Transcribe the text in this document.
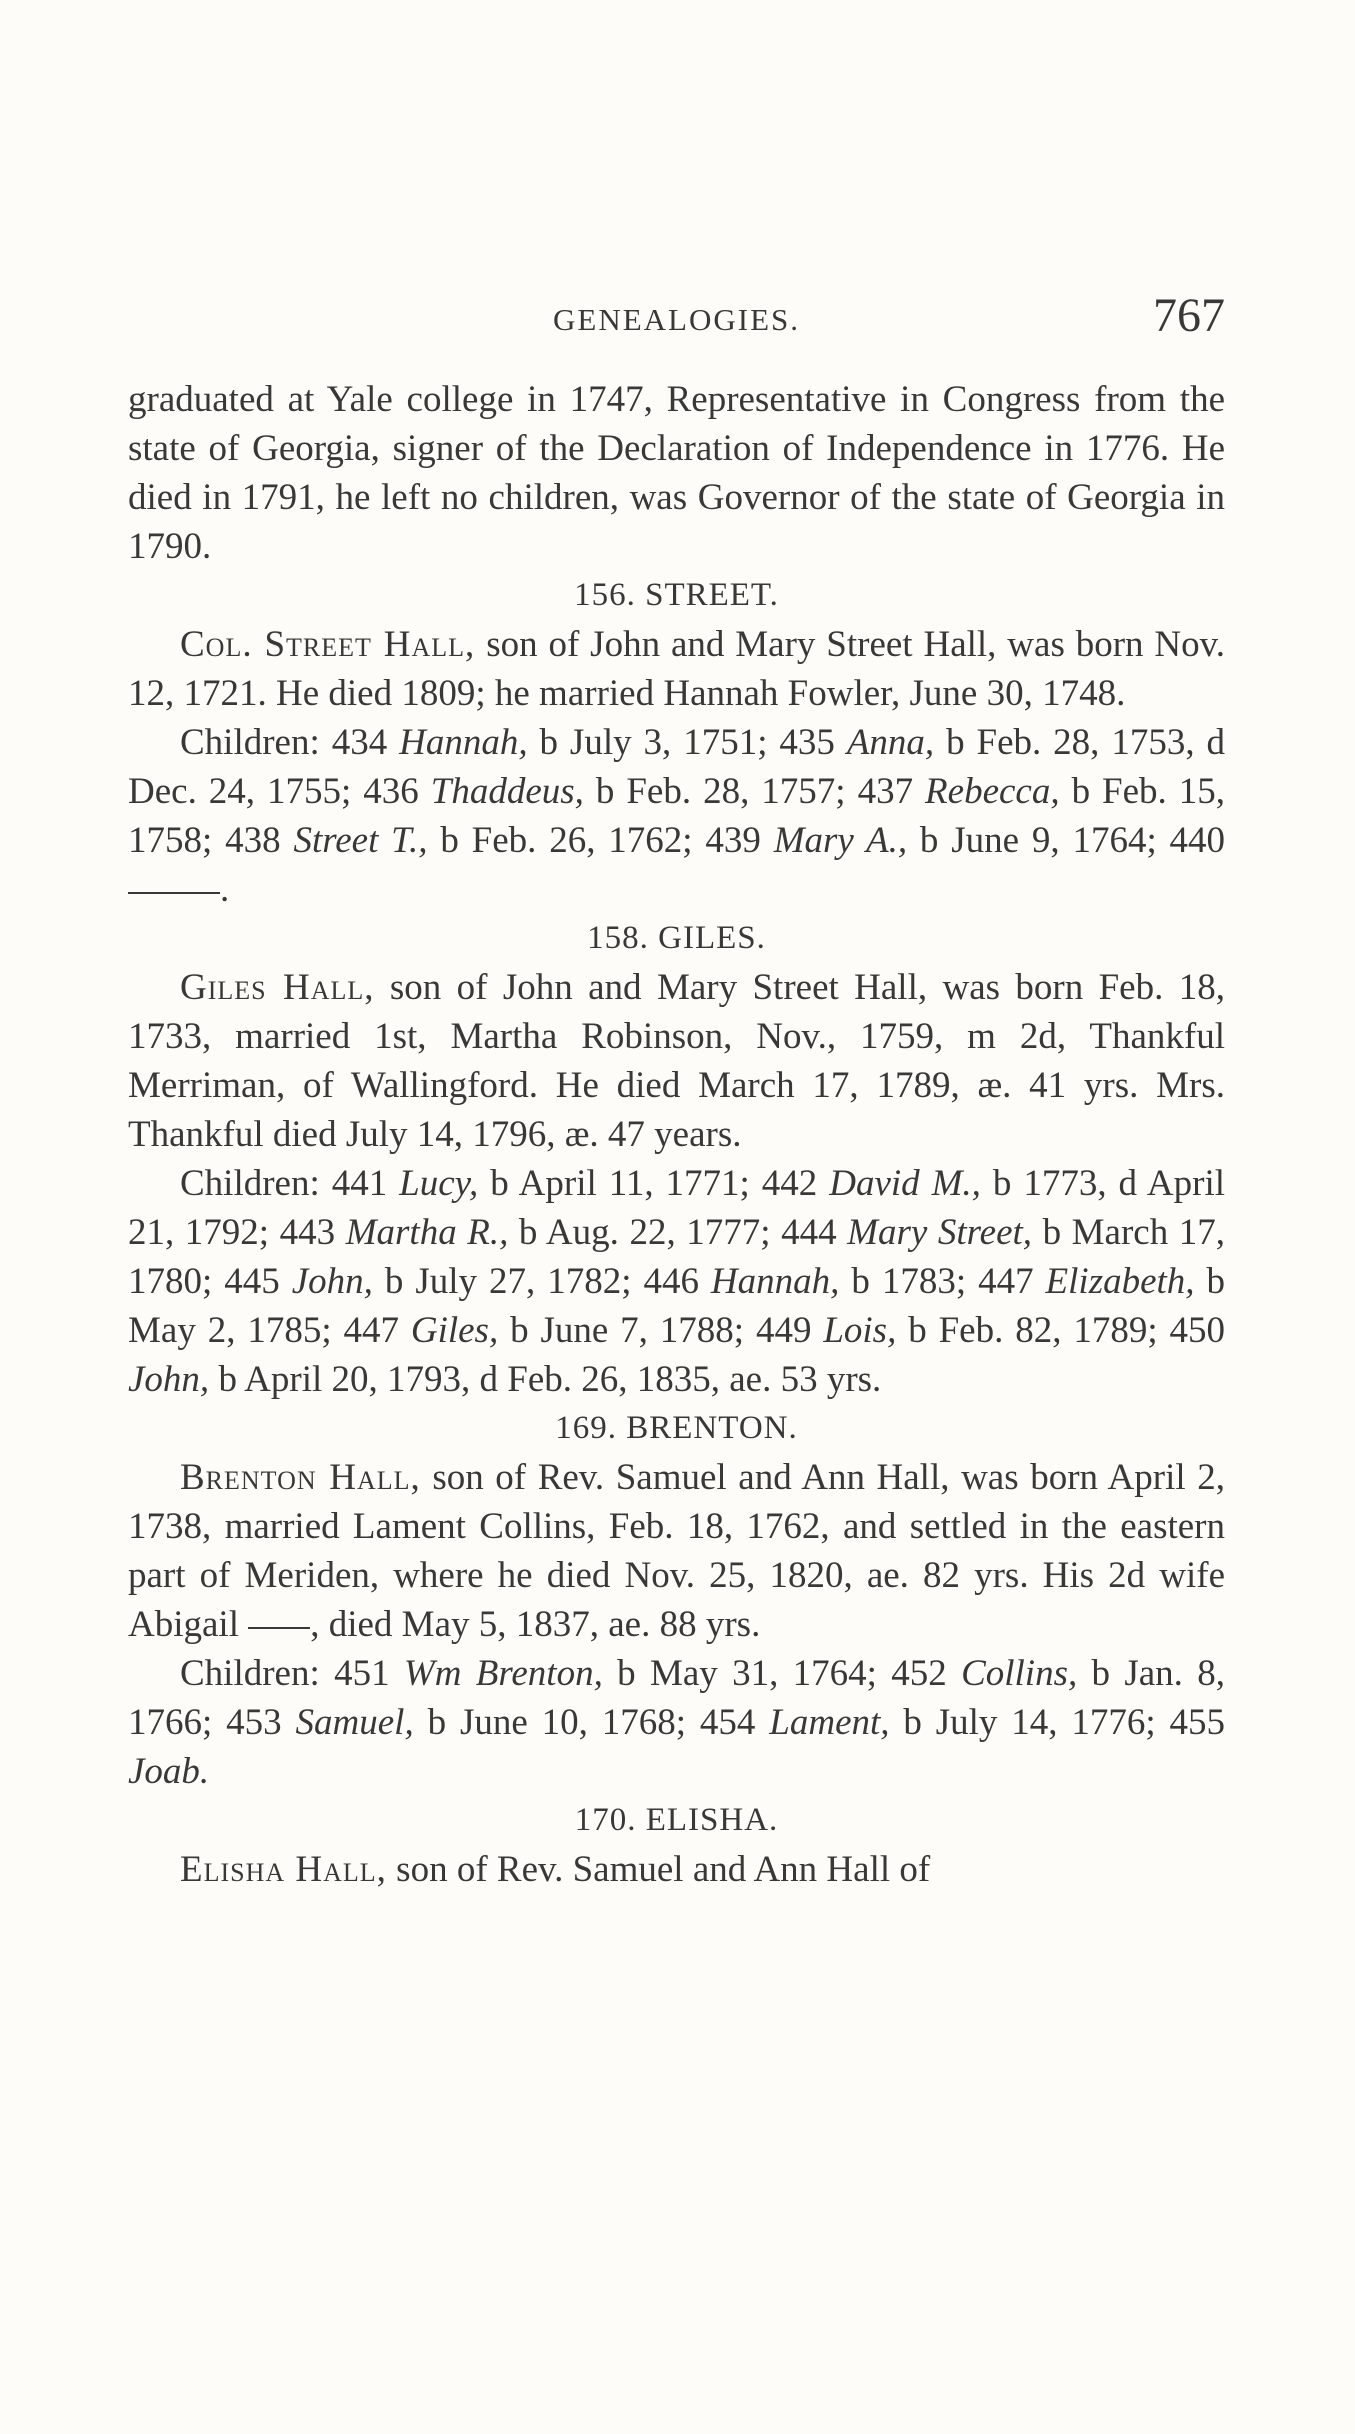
GENEALOGIES.	767

graduated at Yale college in 1747, Representative in Congress from the state of Georgia, signer of the Declaration of Independence in 1776. He died in 1791, he left no children, was Governor of the state of Georgia in 1790.

156. STREET.

Col. Street Hall, son of John and Mary Street Hall, was born Nov. 12, 1721. He died 1809; he married Hannah Fowler, June 30, 1748.

Children: 434 Hannah, b July 3, 1751; 435 Anna, b Feb. 28, 1753, d Dec. 24, 1755; 436 Thaddeus, b Feb. 28, 1757; 437 Rebecca, b Feb. 15, 1758; 438 Street T., b Feb. 26, 1762; 439 Mary A., b June 9, 1764; 440 .

158. GILES.

Giles Hall, son of John and Mary Street Hall, was born Feb. 18, 1733, married 1st, Martha Robinson, Nov., 1759, m 2d, Thankful Merriman, of Wallingford. He died March 17, 1789, æ. 41 yrs. Mrs. Thankful died July 14, 1796, æ. 47 years.

Children: 441 Lucy, b April 11, 1771; 442 David M., b 1773, d April 21, 1792; 443 Martha R., b Aug. 22, 1777; 444 Mary Street, b March 17, 1780; 445 John, b July 27, 1782; 446 Hannah, b 1783; 447 Elizabeth, b May 2, 1785; 447 Giles, b June 7, 1788; 449 Lois, b Feb. 82, 1789; 450 John, b April 20, 1793, d Feb. 26, 1835, ae. 53 yrs.

169. BRENTON.

Brenton Hall, son of Rev. Samuel and Ann Hall, was born April 2, 1738, married Lament Collins, Feb. 18, 1762, and settled in the eastern part of Meriden, where he died Nov. 25, 1820, ae. 82 yrs. His 2d wife Abigail , died May 5, 1837, ae. 88 yrs.

Children: 451 Wm Brenton, b May 31, 1764; 452 Collins, b Jan. 8, 1766; 453 Samuel, b June 10, 1768; 454 Lament, b July 14, 1776; 455 Joab.

170. ELISHA.

Elisha Hall, son of Rev. Samuel and Ann Hall of
